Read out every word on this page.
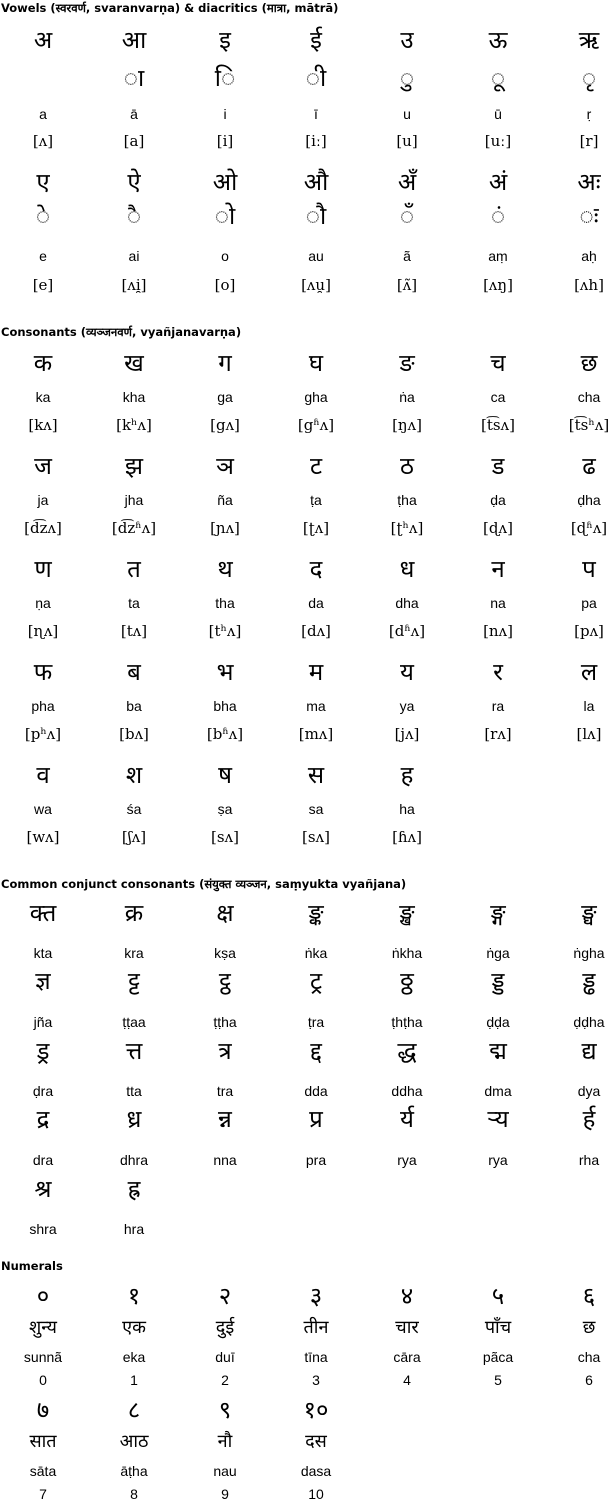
Vowels (स्वरवर्ण, svaranvarṇa) & diacritics (मात्रा, mātrā)
अ
a
[ʌ]
आ
◌ा
ā
[a]
इ
◌ि
i
[i]
ई
◌ी
ī
[iː]
उ
◌ु
u
[u]
ऊ
◌ू
ū
[uː]
ऋ
◌ृ
ṛ
[r]
ए
◌े
e
[e]
ऐ
◌ै
ai
[ʌi̯]
ओ
◌ो
o
[o]
औ
◌ौ
au
[ʌu̯]
अँ
◌ँ
ã
[ʌ̃]
अं
◌ं
aṃ
[ʌŋ]
अः
◌ः
aḥ
[ʌh]
Consonants (व्यञ्जनवर्ण, vyañjanavarṇa)
क
ka
[kʌ]
ख
kha
[kʰʌ]
ग
ga
[gʌ]
घ
gha
[gʱʌ]
ङ
ṅa
[ŋʌ]
च
ca
[t͡sʌ]
छ
cha
[t͡sʰʌ]
ज
ja
[d͡zʌ]
झ
jha
[d͡zʱʌ]
ञ
ña
[ɲʌ]
ट
ṭa
[ʈʌ]
ठ
ṭha
[ʈʰʌ]
ड
ḍa
[ɖʌ]
ढ
ḍha
[ɖʱʌ]
ण
ṇa
[ɳʌ]
त
ta
[tʌ]
थ
tha
[tʰʌ]
द
da
[dʌ]
ध
dha
[dʱʌ]
न
na
[nʌ]
प
pa
[pʌ]
फ
pha
[pʰʌ]
ब
ba
[bʌ]
भ
bha
[bʱʌ]
म
ma
[mʌ]
य
ya
[jʌ]
र
ra
[rʌ]
ल
la
[lʌ]
व
wa
[wʌ]
श
śa
[ʃʌ]
ष
ṣa
[sʌ]
स
sa
[sʌ]
ह
ha
[ɦʌ]
Common conjunct consonants (संयुक्त व्यञ्जन, saṃyukta vyañjana)
क्त
kta
क्र
kra
क्ष
kṣa
ङ्क
ṅka
ङ्ख
ṅkha
ङ्ग
ṅga
ङ्घ
ṅgha
ज्ञ
jña
ट्ट
ṭṭaa
ट्ठ
ṭṭha
ट्र
ṭra
ठ्ठ
ṭhṭha
ड्ड
ḍḍa
ड्ढ
ḍḍha
ड्र
ḍra
त्त
tta
त्र
tra
द्द
dda
द्ध
ddha
द्म
dma
द्य
dya
द्र
dra
ध्र
dhra
न्न
nna
प्र
pra
र्य
rya
र्‍य
rya
र्ह
rha
श्र
shra
ह्र
hra
Numerals
०
शुन्य
sunnã
0
१
एक
eka
1
२
दुई
duī
2
३
तीन
tīna
3
४
चार
cāra
4
५
पाँच
pãca
5
६
छ
cha
6
७
सात
sāta
7
८
आठ
āṭha
8
९
नौ
nau
9
१०
दस
dasa
10
